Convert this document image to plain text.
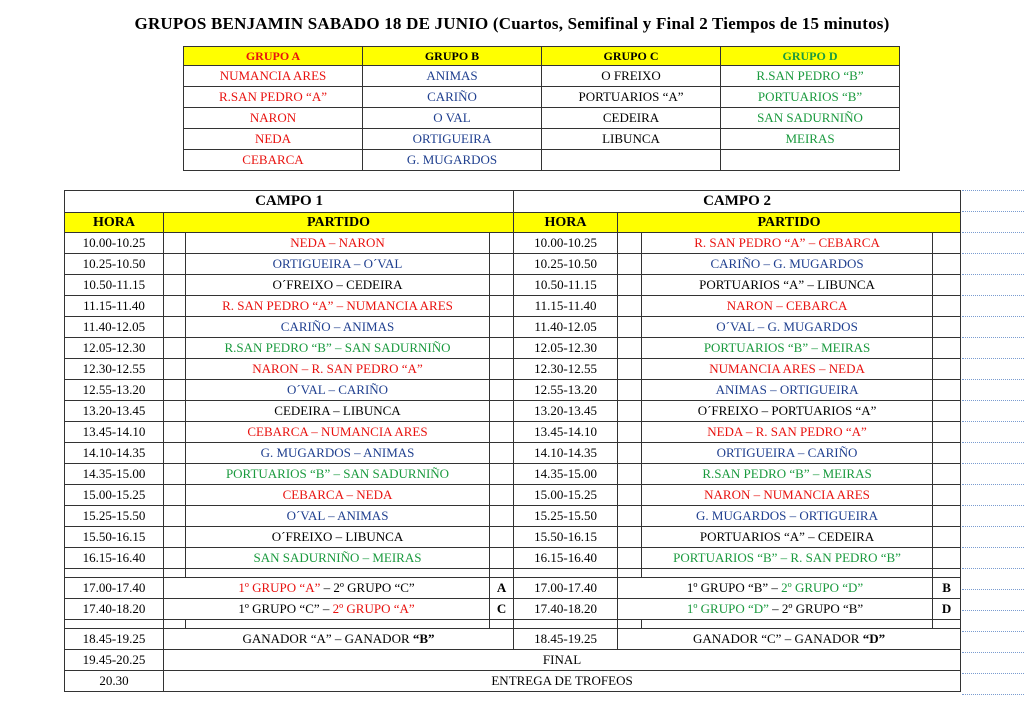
GRUPOS BENJAMIN SABADO 18 DE JUNIO (Cuartos, Semifinal y Final 2 Tiempos de 15 minutos)
GRUPO A	GRUPO B	GRUPO C	GRUPO D
NUMANCIA ARES	ANIMAS	O FREIXO	R.SAN PEDRO “B”
R.SAN PEDRO “A”	CARIÑO	PORTUARIOS “A”	PORTUARIOS “B”
NARON	O VAL	CEDEIRA	SAN SADURNIÑO
NEDA	ORTIGUEIRA	LIBUNCA	MEIRAS
CEBARCA	G. MUGARDOS		
CAMPO 1				CAMPO 2			
HORA	PARTIDO			HORA	PARTIDO		
10.00-10.25		NEDA – NARON		10.00-10.25		R. SAN PEDRO “A” – CEBARCA	
10.25-10.50		ORTIGUEIRA – O´VAL		10.25-10.50		CARIÑO – G. MUGARDOS	
10.50-11.15		O´FREIXO – CEDEIRA		10.50-11.15		PORTUARIOS “A” – LIBUNCA	
11.15-11.40		R. SAN PEDRO “A” – NUMANCIA ARES		11.15-11.40		NARON – CEBARCA	
11.40-12.05		CARIÑO – ANIMAS		11.40-12.05		O´VAL – G. MUGARDOS	
12.05-12.30		R.SAN PEDRO “B” – SAN SADURNIÑO		12.05-12.30		PORTUARIOS “B” – MEIRAS	
12.30-12.55		NARON – R. SAN PEDRO “A”		12.30-12.55		NUMANCIA ARES – NEDA	
12.55-13.20		O´VAL – CARIÑO		12.55-13.20		ANIMAS – ORTIGUEIRA	
13.20-13.45		CEDEIRA – LIBUNCA		13.20-13.45		O´FREIXO – PORTUARIOS “A”	
13.45-14.10		CEBARCA – NUMANCIA ARES		13.45-14.10		NEDA – R. SAN PEDRO “A”	
14.10-14.35		G. MUGARDOS – ANIMAS		14.10-14.35		ORTIGUEIRA – CARIÑO	
14.35-15.00		PORTUARIOS “B” – SAN SADURNIÑO		14.35-15.00		R.SAN PEDRO “B” – MEIRAS	
15.00-15.25		CEBARCA – NEDA		15.00-15.25		NARON – NUMANCIA ARES	
15.25-15.50		O´VAL – ANIMAS		15.25-15.50		G. MUGARDOS – ORTIGUEIRA	
15.50-16.15		O´FREIXO – LIBUNCA		15.50-16.15		PORTUARIOS “A” – CEDEIRA	
16.15-16.40		SAN SADURNIÑO – MEIRAS		16.15-16.40		PORTUARIOS “B” – R. SAN PEDRO “B”	

17.00-17.40	1º GRUPO “A” – 2º GRUPO “C”		A	17.00-17.40	1º GRUPO “B” – 2º GRUPO “D”		B
17.40-18.20	1º GRUPO “C” – 2º GRUPO “A”		C	17.40-18.20	1º GRUPO “D” – 2º GRUPO “B”		D

18.45-19.25	GANADOR “A” – GANADOR “B”			18.45-19.25	GANADOR “C” – GANADOR “D”		
19.45-20.25	FINAL						
20.30	ENTREGA DE TROFEOS						
